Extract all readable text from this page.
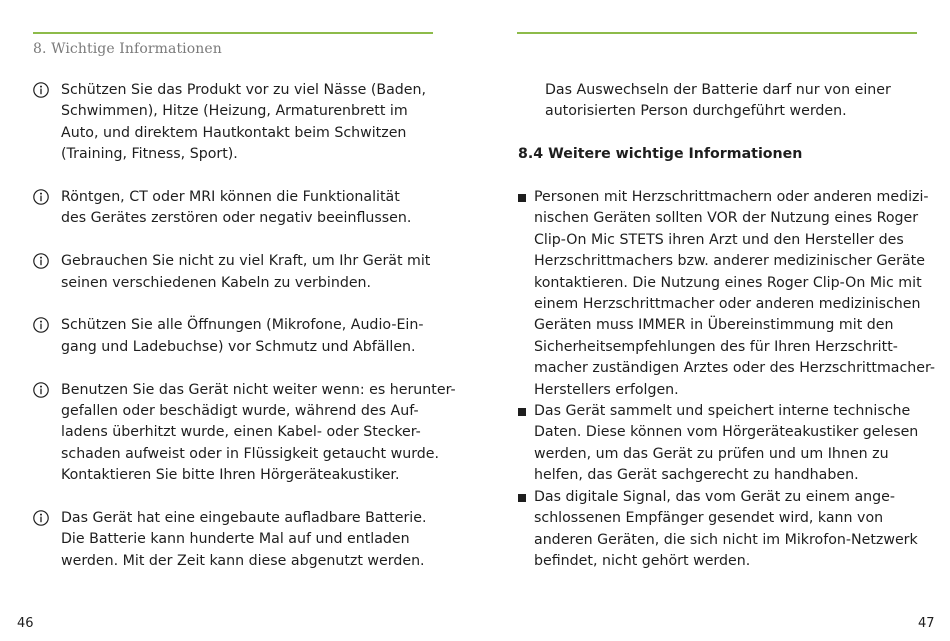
8. Wichtige Informationen
Schützen Sie das Produkt vor zu viel Nässe (Baden,
Schwimmen), Hitze (Heizung, Armaturenbrett im
Auto, und direktem Hautkontakt beim Schwitzen
(Training, Fitness, Sport).
Röntgen, CT oder MRI können die Funktionalität
des Gerätes zerstören oder negativ beeinflussen.
Gebrauchen Sie nicht zu viel Kraft, um Ihr Gerät mit
seinen verschiedenen Kabeln zu verbinden.
Schützen Sie alle Öffnungen (Mikrofone, Audio-Ein-
gang und Ladebuchse) vor Schmutz und Abfällen.
Benutzen Sie das Gerät nicht weiter wenn: es herunter-
gefallen oder beschädigt wurde, während des Auf-
ladens überhitzt wurde, einen Kabel- oder Stecker-
schaden aufweist oder in Flüssigkeit getaucht wurde.
Kontaktieren Sie bitte Ihren Hörgeräteakustiker.
Das Gerät hat eine eingebaute aufladbare Batterie.
Die Batterie kann hunderte Mal auf und entladen
werden. Mit der Zeit kann diese abgenutzt werden.
46
Das Auswechseln der Batterie darf nur von einer
autorisierten Person durchgeführt werden.
8.4 Weitere wichtige Informationen
Personen mit Herzschrittmachern oder anderen medizi-
nischen Geräten sollten VOR der Nutzung eines Roger
Clip-On Mic STETS ihren Arzt und den Hersteller des
Herzschrittmachers bzw. anderer medizinischer Geräte
kontaktieren. Die Nutzung eines Roger Clip-On Mic mit
einem Herzschrittmacher oder anderen medizinischen
Geräten muss IMMER in Übereinstimmung mit den
Sicherheitsempfehlungen des für Ihren Herzschritt-
macher zuständigen Arztes oder des Herzschrittmacher-
Herstellers erfolgen.
Das Gerät sammelt und speichert interne technische
Daten. Diese können vom Hörgeräteakustiker gelesen
werden, um das Gerät zu prüfen und um Ihnen zu
helfen, das Gerät sachgerecht zu handhaben.
Das digitale Signal, das vom Gerät zu einem ange-
schlossenen Empfänger gesendet wird, kann von
anderen Geräten, die sich nicht im Mikrofon-Netzwerk
befindet, nicht gehört werden.
47
